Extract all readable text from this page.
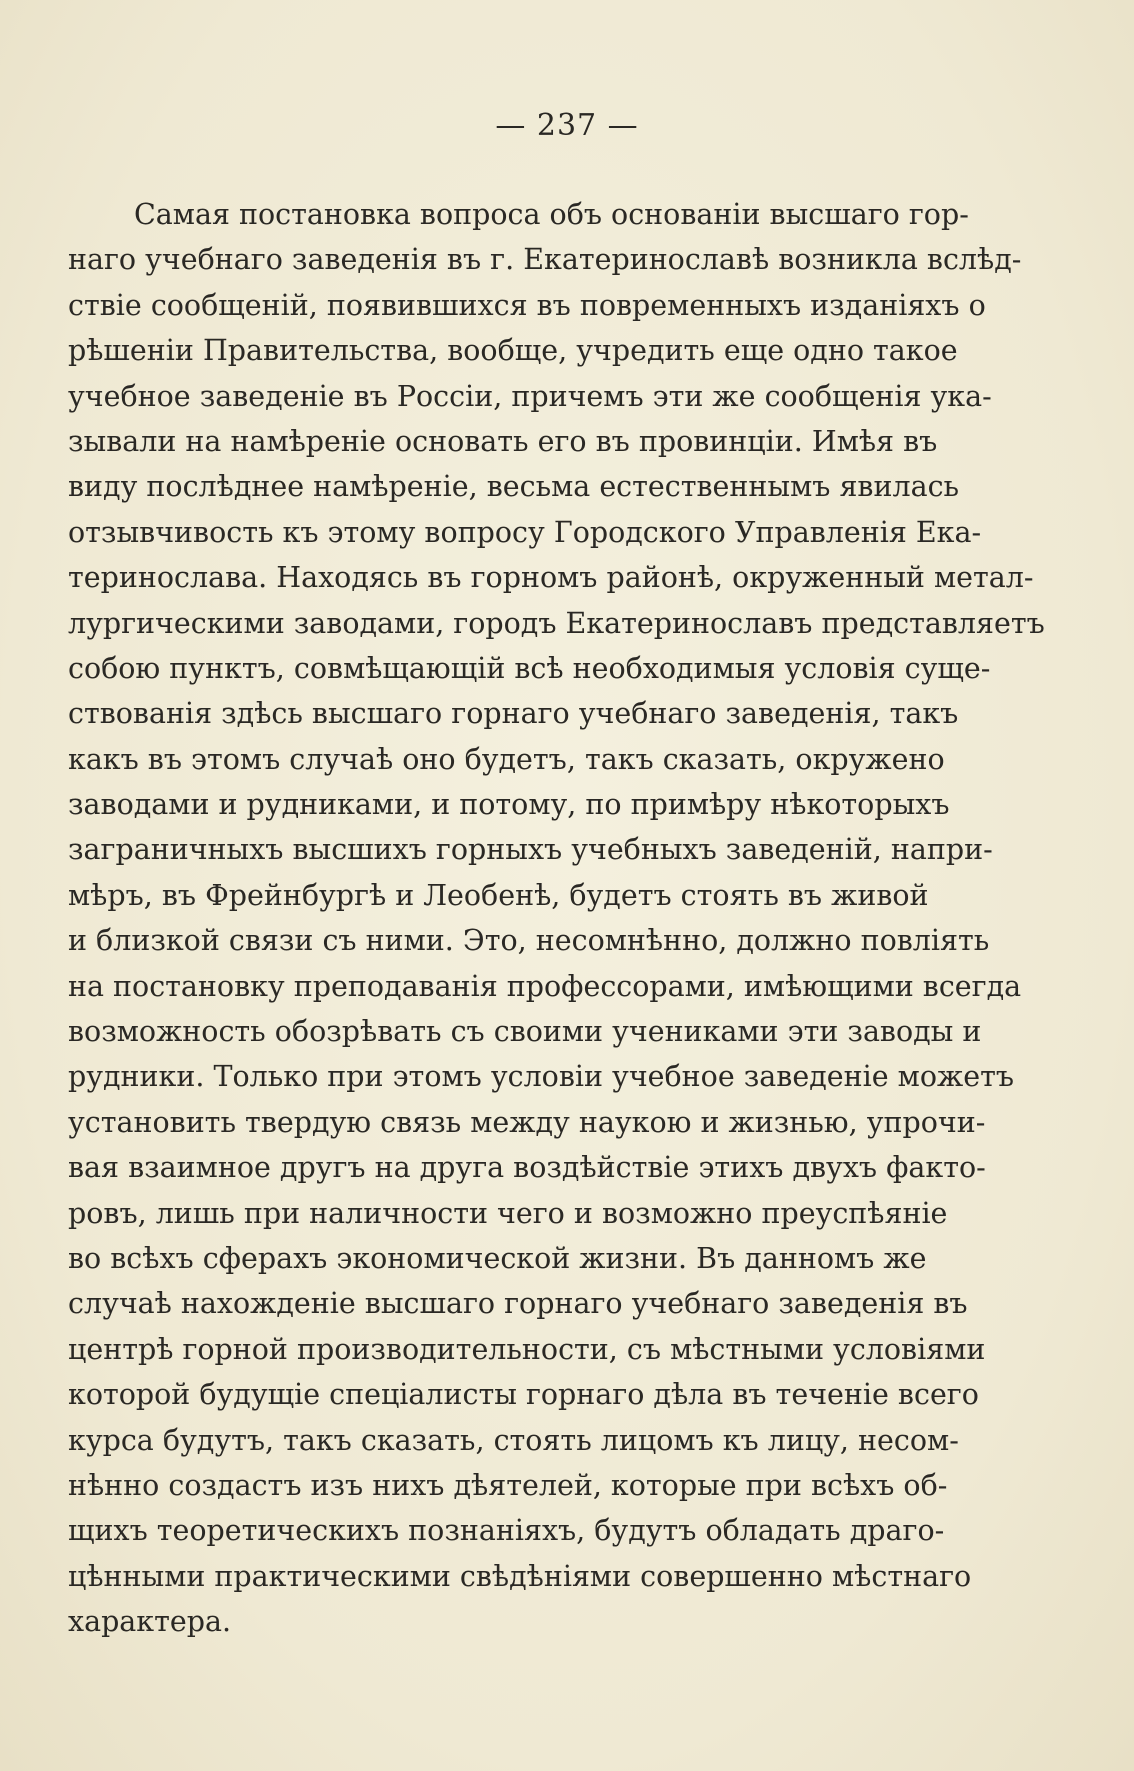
— 237 —
Самая постановка вопроса объ основаніи высшаго гор-
наго учебнаго заведенія въ г. Екатеринославѣ возникла вслѣд-
ствіе сообщеній, появившихся въ повременныхъ изданіяхъ о
рѣшеніи Правительства, вообще, учредить еще одно такое
учебное заведеніе въ Россіи, причемъ эти же сообщенія ука-
зывали на намѣреніе основать его въ провинціи. Имѣя въ
виду послѣднее намѣреніе, весьма естественнымъ явилась
отзывчивость къ этому вопросу Городского Управленія Ека-
теринослава. Находясь въ горномъ районѣ, окруженный метал-
лургическими заводами, городъ Екатеринославъ представляетъ
собою пунктъ, совмѣщающій всѣ необходимыя условія суще-
ствованія здѣсь высшаго горнаго учебнаго заведенія, такъ
какъ въ этомъ случаѣ оно будетъ, такъ сказать, окружено
заводами и рудниками, и потому, по примѣру нѣкоторыхъ
заграничныхъ высшихъ горныхъ учебныхъ заведеній, напри-
мѣръ, въ Фрейнбургѣ и Леобенѣ, будетъ стоять въ живой
и близкой связи съ ними. Это, несомнѣнно, должно повліять
на постановку преподаванія профессорами, имѣющими всегда
возможность обозрѣвать съ своими учениками эти заводы и
рудники. Только при этомъ условіи учебное заведеніе можетъ
установить твердую связь между наукою и жизнью, упрочи-
вая взаимное другъ на друга воздѣйствіе этихъ двухъ факто-
ровъ, лишь при наличности чего и возможно преуспѣяніе
во всѣхъ сферахъ экономической жизни. Въ данномъ же
случаѣ нахожденіе высшаго горнаго учебнаго заведенія въ
центрѣ горной производительности, съ мѣстными условіями
которой будущіе спеціалисты горнаго дѣла въ теченіе всего
курса будутъ, такъ сказать, стоять лицомъ къ лицу, несом-
нѣнно создастъ изъ нихъ дѣятелей, которые при всѣхъ об-
щихъ теоретическихъ познаніяхъ, будутъ обладать драго-
цѣнными практическими свѣдѣніями совершенно мѣстнаго
характера.
